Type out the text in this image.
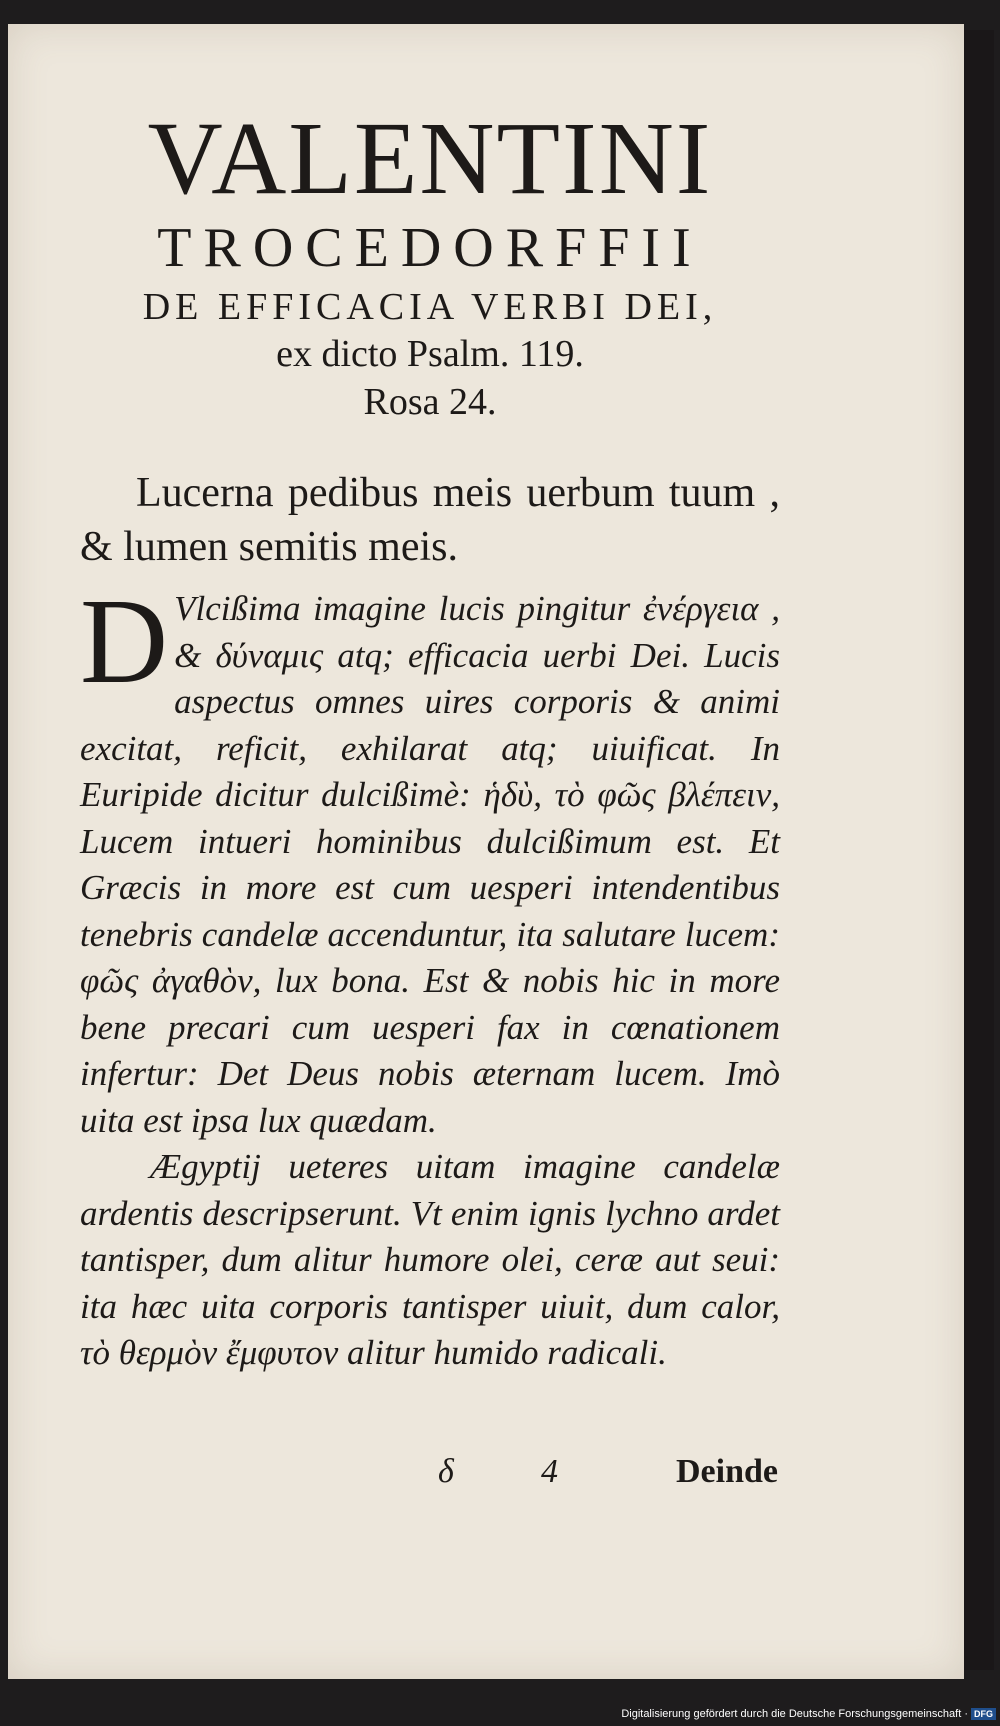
VALENTINI
TROCEDORFFII
DE EFFICACIA VERBI DEI,
ex dicto Psalm. 119.
Rosa 24.
Lucerna pedibus meis uerbum tuum , & lumen semitis meis.

D Vlcißima imagine lucis pingitur ἐνέργεια , & δύναμις atq; efficacia uerbi Dei. Lucis aspectus omnes uires corporis & animi excitat, reficit, exhilarat atq; uiuificat. In Euripide dicitur dulcißimè: ἡδὺ, τὸ φῶς βλέπειν, Lucem intueri hominibus dulcißimum est. Et Græcis in more est cum uesperi intendentibus tenebris candelæ accenduntur, ita salutare lucem: φῶς ἀγαθὸν, lux bona. Est & nobis hic in more bene precari cum uesperi fax in cœnationem infertur: Det Deus nobis æternam lucem. Imò uita est ipsa lux quædam.

Ægyptij ueteres uitam imagine candelæ ardentis descripserunt. Vt enim ignis lychno ardet tantisper, dum alitur humore olei, ceræ aut seui: ita hæc uita corporis tantisper uiuit, dum calor, τὸ θερμὸν ἔμφυτον alitur humido radicali.

δ	4	Deinde
Digitalisierung gefördert durch die Deutsche Forschungsgemeinschaft · DFG
